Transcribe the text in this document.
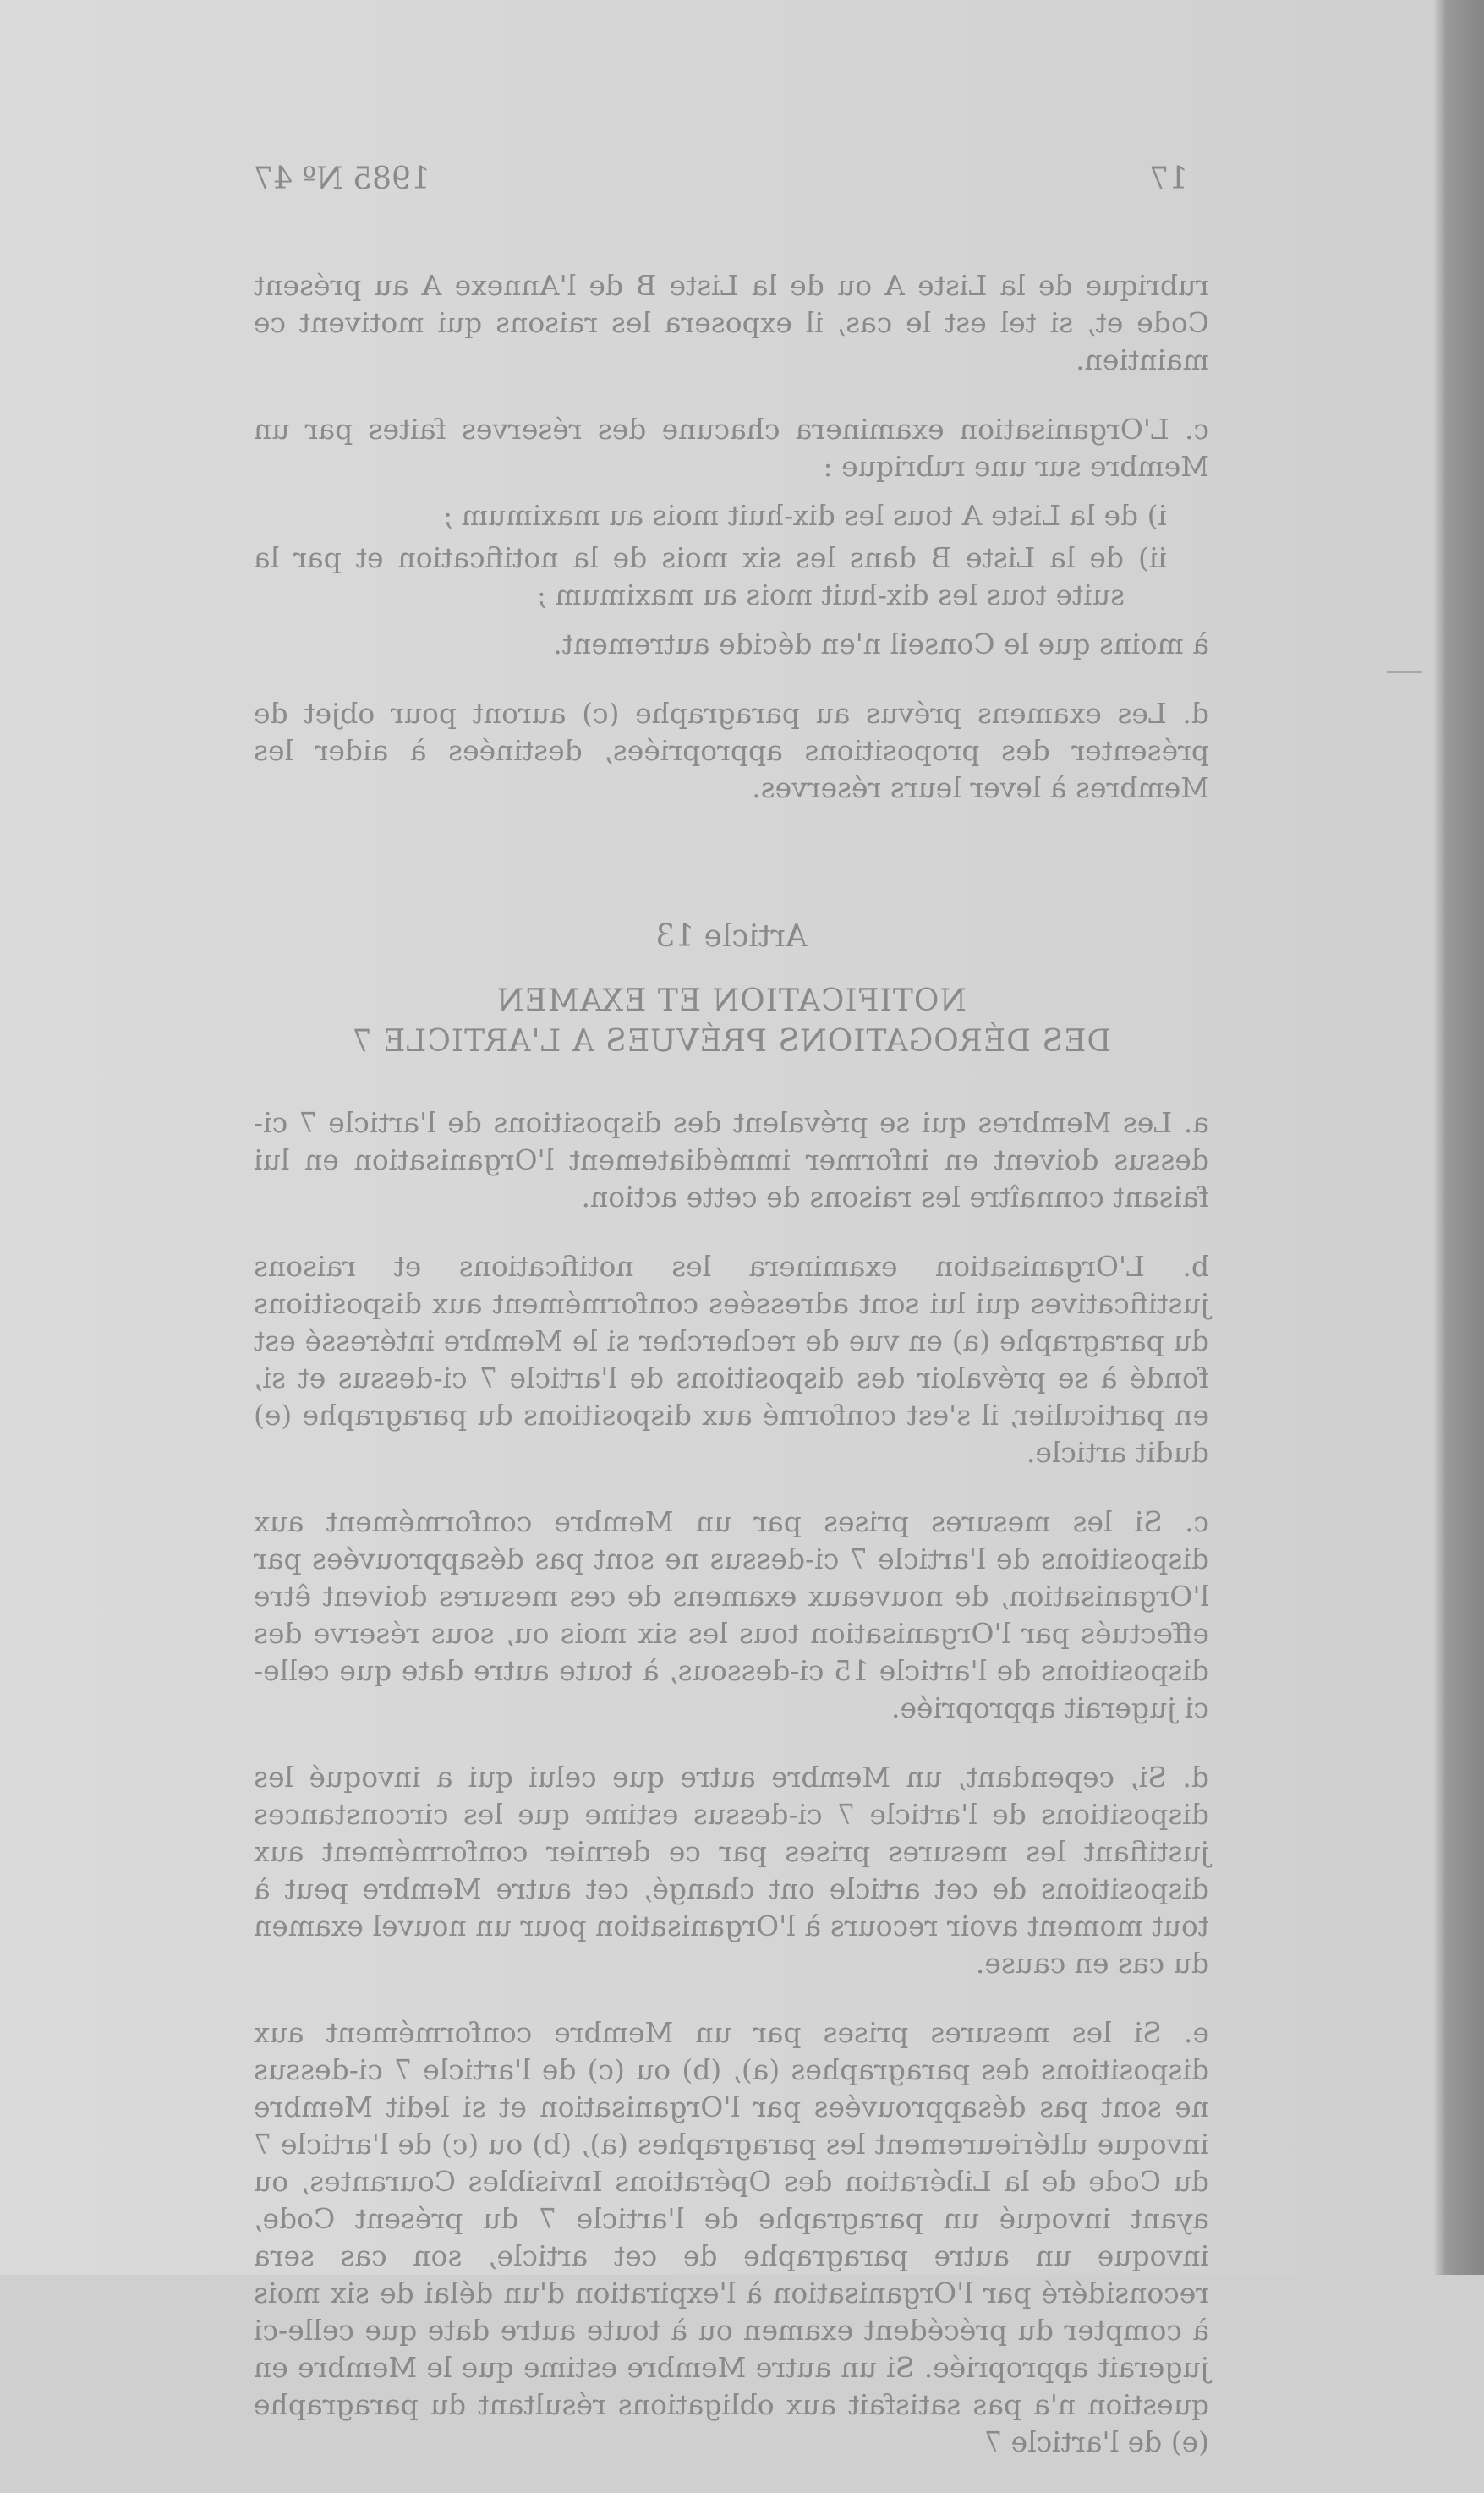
17
1985 Nº 47

rubrique de la Liste A ou de la Liste B de l'Annexe A au présent Code et, si tel est le cas, il exposera les raisons qui motivent ce maintien.

c. L'Organisation examinera chacune des réserves faites par un Membre sur une rubrique :

i) de la Liste A tous les dix-huit mois au maximum ;

ii) de la Liste B dans les six mois de la notification et par la suite tous les dix-huit mois au maximum ;

à moins que le Conseil n'en décide autrement.

d. Les examens prévus au paragraphe (c) auront pour objet de présenter des propositions appropriées, destinées à aider les Membres à lever leurs réserves.

Article 13
NOTIFICATION ET EXAMEN
DES DÉROGATIONS PRÉVUES A L'ARTICLE 7

a. Les Membres qui se prévalent des dispositions de l'article 7 ci-dessus doivent en informer immédiatement l'Organisation en lui faisant connaître les raisons de cette action.

b. L'Organisation examinera les notifications et raisons justificatives qui lui sont adressées conformément aux dispositions du paragraphe (a) en vue de rechercher si le Membre intéressé est fondé à se prévaloir des dispositions de l'article 7 ci-dessus et si, en particulier, il s'est conformé aux dispositions du paragraphe (e) dudit article.

c. Si les mesures prises par un Membre conformément aux dispositions de l'article 7 ci-dessus ne sont pas désapprouvées par l'Organisation, de nouveaux examens de ces mesures doivent être effectués par l'Organisation tous les six mois ou, sous réserve des dispositions de l'article 15 ci-dessous, à toute autre date que celle-ci jugerait appropriée.

d. Si, cependant, un Membre autre que celui qui a invoqué les dispositions de l'article 7 ci-dessus estime que les circonstances justifiant les mesures prises par ce dernier conformément aux dispositions de cet article ont changé, cet autre Membre peut à tout moment avoir recours à l'Organisation pour un nouvel examen du cas en cause.

e. Si les mesures prises par un Membre conformément aux dispositions des paragraphes (a), (b) ou (c) de l'article 7 ci-dessus ne sont pas désapprouvées par l'Organisation et si ledit Membre invoque ultérieurement les paragraphes (a), (b) ou (c) de l'article 7 du Code de la Libération des Opérations Invisibles Courantes, ou ayant invoqué un paragraphe de l'article 7 du présent Code, invoque un autre paragraphe de cet article, son cas sera reconsidéré par l'Organisation à l'expiration d'un délai de six mois à compter du précédent examen ou à toute autre date que celle-ci jugerait appropriée. Si un autre Membre estime que le Membre en question n'a pas satisfait aux obligations résultant du paragraphe (e) de l'article 7
